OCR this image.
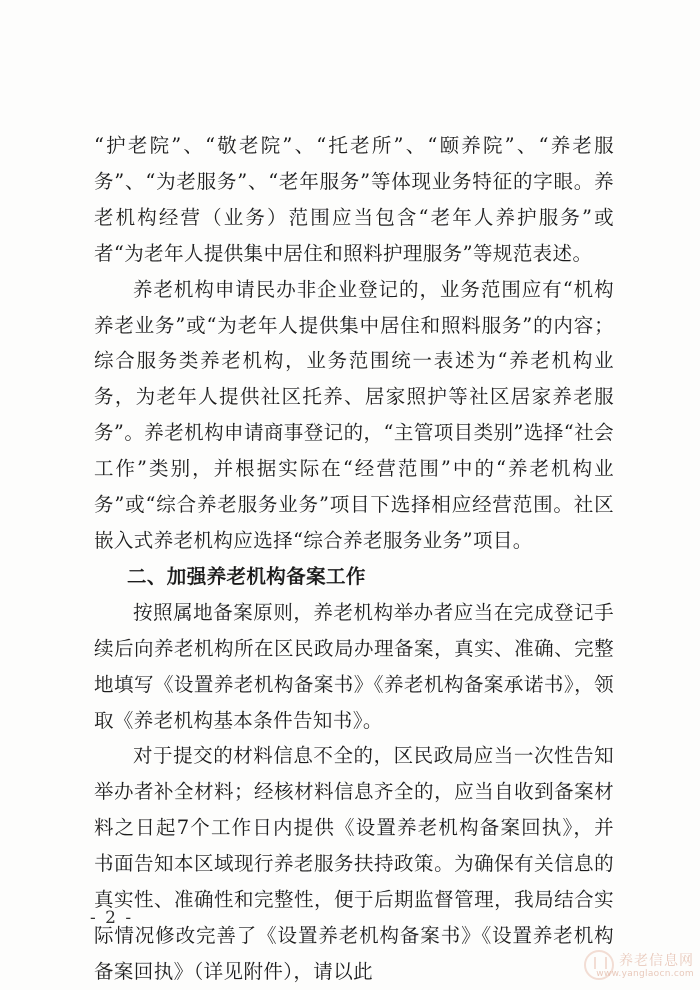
“护老院”、“敬老院”、“托老所”、“颐养院”、“养老服务”、“为老服务”、“老年服务”等体现业务特征的字眼。养老机构经营（业务）范围应当包含“老年人养护服务”或者“为老年人提供集中居住和照料护理服务”等规范表述。

养老机构申请民办非企业登记的，业务范围应有“机构养老业务”或“为老年人提供集中居住和照料服务”的内容；综合服务类养老机构，业务范围统一表述为“养老机构业务，为老年人提供社区托养、居家照护等社区居家养老服务”。养老机构申请商事登记的，“主管项目类别”选择“社会工作”类别，并根据实际在“经营范围”中的“养老机构业务”或“综合养老服务业务”项目下选择相应经营范围。社区嵌入式养老机构应选择“综合养老服务业务”项目。

二、加强养老机构备案工作

按照属地备案原则，养老机构举办者应当在完成登记手续后向养老机构所在区民政局办理备案，真实、准确、完整地填写《设置养老机构备案书》《养老机构备案承诺书》，领取《养老机构基本条件告知书》。

对于提交的材料信息不全的，区民政局应当一次性告知举办者补全材料；经核材料信息齐全的，应当自收到备案材料之日起7个工作日内提供《设置养老机构备案回执》，并书面告知本区域现行养老服务扶持政策。为确保有关信息的真实性、准确性和完整性，便于后期监督管理，我局结合实际情况修改完善了《设置养老机构备案书》《设置养老机构备案回执》（详见附件），请以此

- 2 -
养老信息网
www.yanglaocn.com
